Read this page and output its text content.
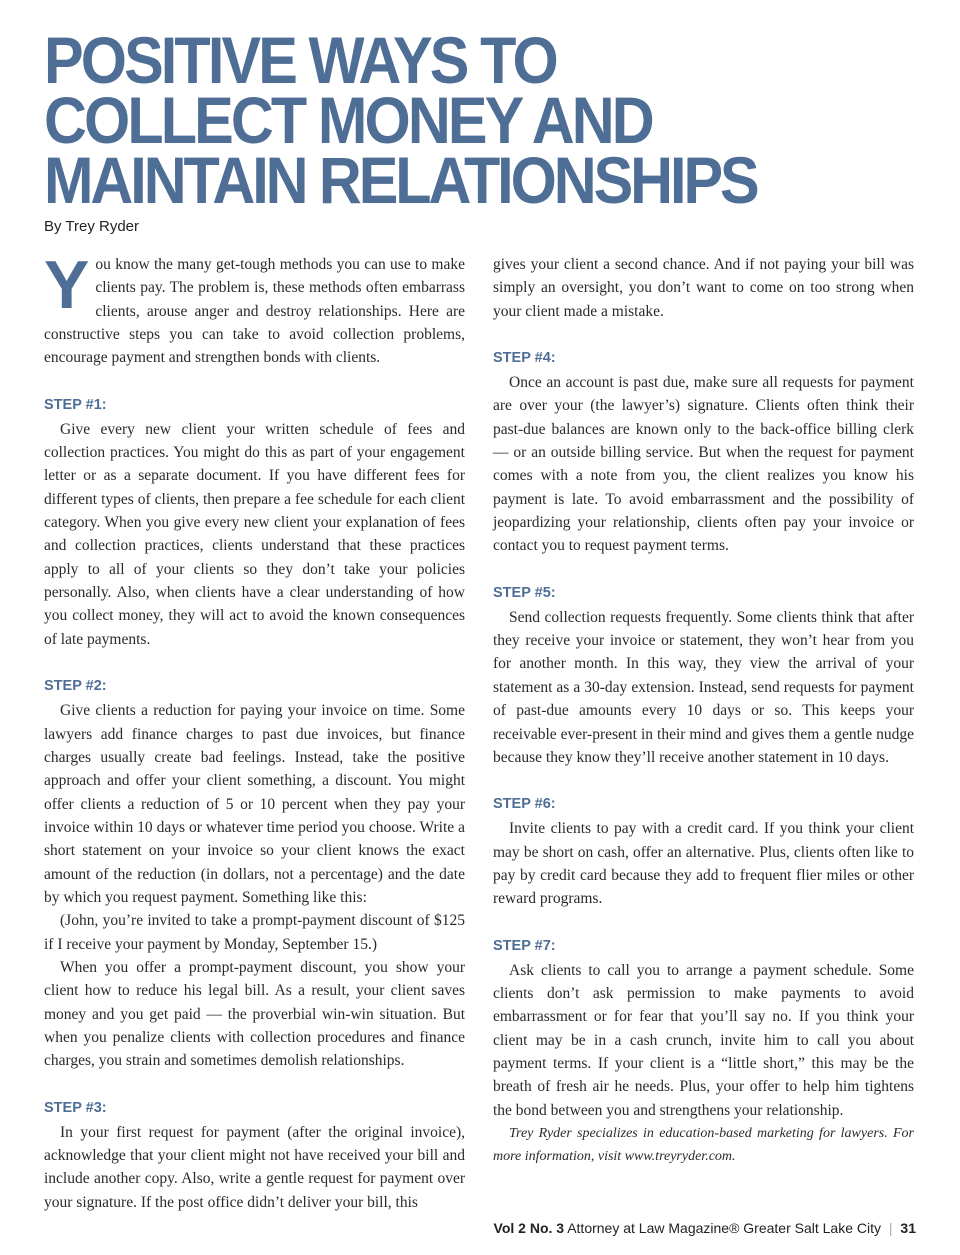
POSITIVE WAYS TO
COLLECT MONEY AND
MAINTAIN RELATIONSHIPS
By Trey Ryder

You know the many get-tough methods you can use to make clients pay. The problem is, these methods often embarrass clients, arouse anger and destroy relationships. Here are constructive steps you can take to avoid collection problems, encourage payment and strengthen bonds with clients.

STEP #1:

Give every new client your written schedule of fees and collection practices. You might do this as part of your engagement letter or as a separate document. If you have different fees for different types of clients, then prepare a fee schedule for each client category. When you give every new client your explanation of fees and collection practices, clients understand that these practices apply to all of your clients so they don’t take your policies personally. Also, when clients have a clear understanding of how you collect money, they will act to avoid the known consequences of late payments.

STEP #2:

Give clients a reduction for paying your invoice on time. Some lawyers add finance charges to past due invoices, but finance charges usually create bad feelings. Instead, take the positive approach and offer your client something, a discount. You might offer clients a reduction of 5 or 10 percent when they pay your invoice within 10 days or whatever time period you choose. Write a short statement on your invoice so your client knows the exact amount of the reduction (in dollars, not a percentage) and the date by which you request payment. Something like this:

(John, you’re invited to take a prompt-payment discount of $125 if I receive your payment by Monday, September 15.)

When you offer a prompt-payment discount, you show your client how to reduce his legal bill. As a result, your client saves money and you get paid — the proverbial win-win situation. But when you penalize clients with collection procedures and finance charges, you strain and sometimes demolish relationships.

STEP #3:

In your first request for payment (after the original invoice), acknowledge that your client might not have received your bill and include another copy. Also, write a gentle request for payment over your signature. If the post office didn’t deliver your bill, this

gives your client a second chance. And if not paying your bill was simply an oversight, you don’t want to come on too strong when your client made a mistake.

STEP #4:

Once an account is past due, make sure all requests for payment are over your (the lawyer’s) signature. Clients often think their past-due balances are known only to the back-office billing clerk — or an outside billing service. But when the request for payment comes with a note from you, the client realizes you know his payment is late. To avoid embarrassment and the possibility of jeopardizing your relationship, clients often pay your invoice or contact you to request payment terms.

STEP #5:

Send collection requests frequently. Some clients think that after they receive your invoice or statement, they won’t hear from you for another month. In this way, they view the arrival of your statement as a 30-day extension. Instead, send requests for payment of past-due amounts every 10 days or so. This keeps your receivable ever-present in their mind and gives them a gentle nudge because they know they’ll receive another statement in 10 days.

STEP #6:

Invite clients to pay with a credit card. If you think your client may be short on cash, offer an alternative. Plus, clients often like to pay by credit card because they add to frequent flier miles or other reward programs.

STEP #7:

Ask clients to call you to arrange a payment schedule. Some clients don’t ask permission to make payments to avoid embarrassment or for fear that you’ll say no. If you think your client may be in a cash crunch, invite him to call you about payment terms. If your client is a “little short,” this may be the breath of fresh air he needs. Plus, your offer to help him tightens the bond between you and strengthens your relationship.

Trey Ryder specializes in education-based marketing for lawyers. For more information, visit www.treyryder.com.

Vol 2 No. 3 Attorney at Law Magazine® Greater Salt Lake City | 31
